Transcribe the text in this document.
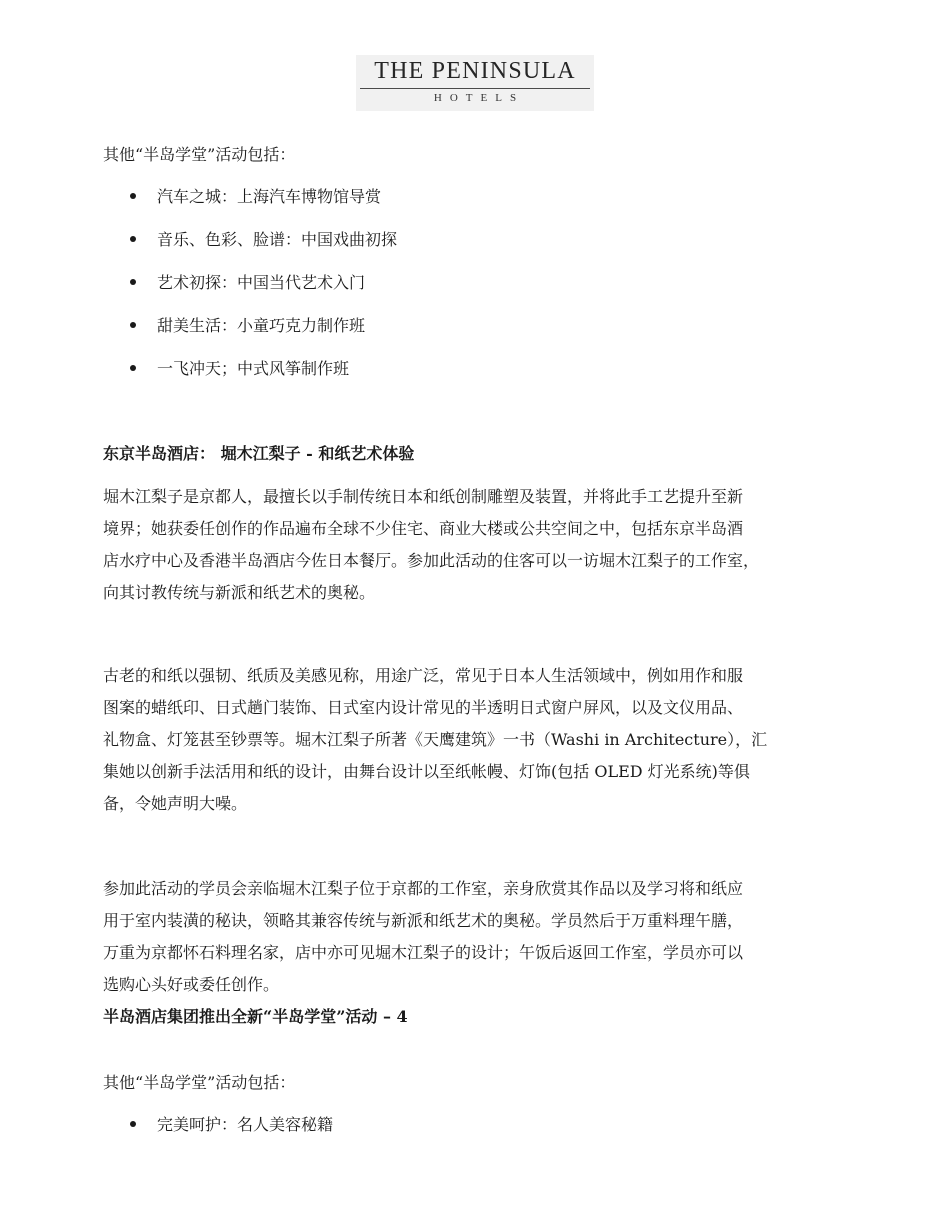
THE PENINSULA
HOTELS
其他“半岛学堂”活动包括：
汽车之城：上海汽车博物馆导赏
音乐、色彩、脸谱：中国戏曲初探
艺术初探：中国当代艺术入门
甜美生活：小童巧克力制作班
一飞冲天；中式风筝制作班
东京半岛酒店： 堀木江梨子 - 和纸艺术体验
堀木江梨子是京都人，最擅长以手制传统日本和纸创制雕塑及装置，并将此手工艺提升至新
境界；她获委任创作的作品遍布全球不少住宅、商业大楼或公共空间之中，包括东京半岛酒
店水疗中心及香港半岛酒店今佐日本餐厅。参加此活动的住客可以一访堀木江梨子的工作室，
向其讨教传统与新派和纸艺术的奥秘。
古老的和纸以强韧、纸质及美感见称，用途广泛，常见于日本人生活领域中，例如用作和服
图案的蜡纸印、日式趟门装饰、日式室内设计常见的半透明日式窗户屏风，以及文仪用品、
礼物盒、灯笼甚至钞票等。堀木江梨子所著《天鹰建筑》一书（Washi in Architecture），汇
集她以创新手法活用和纸的设计，由舞台设计以至纸帐幔、灯饰(包括 OLED 灯光系统)等俱
备，令她声明大噪。
参加此活动的学员会亲临堀木江梨子位于京都的工作室，亲身欣赏其作品以及学习将和纸应
用于室内装潢的秘诀，领略其兼容传统与新派和纸艺术的奥秘。学员然后于万重料理午膳，
万重为京都怀石料理名家，店中亦可见堀木江梨子的设计；午饭后返回工作室，学员亦可以
选购心头好或委任创作。
半岛酒店集团推出全新“半岛学堂”活动 – 4
其他“半岛学堂”活动包括：
完美呵护：名人美容秘籍
